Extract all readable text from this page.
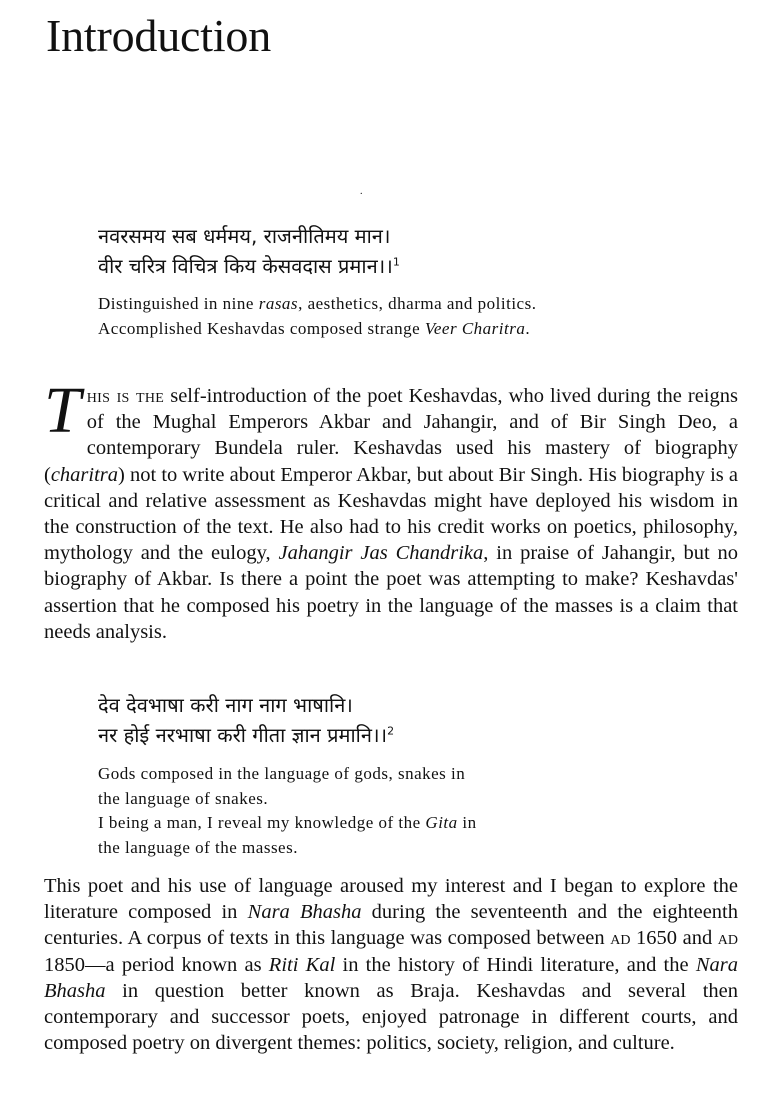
Introduction
.
नवरसमय सब धर्ममय, राजनीतिमय मान।
वीर चरित्र विचित्र किय केसवदास प्रमान।।$^1$
Distinguished in nine rasas, aesthetics, dharma and politics.
Accomplished Keshavdas composed strange Veer Charitra.
This is the self-introduction of the poet Keshavdas, who lived during the reigns of the Mughal Emperors Akbar and Jahangir, and of Bir Singh Deo, a contemporary Bundela ruler. Keshavdas used his mastery of biography (charitra) not to write about Emperor Akbar, but about Bir Singh. His biography is a critical and relative assessment as Keshavdas might have deployed his wisdom in the construction of the text. He also had to his credit works on poetics, philosophy, mythology and the eulogy, Jahangir Jas Chandrika, in praise of Jahangir, but no biography of Akbar. Is there a point the poet was attempting to make? Keshavdas' assertion that he composed his poetry in the language of the masses is a claim that needs analysis.
देव देवभाषा करी नाग नाग भाषानि।
नर होई नरभाषा करी गीता ज्ञान प्रमानि।।$^2$
Gods composed in the language of gods, snakes in
the language of snakes.
I being a man, I reveal my knowledge of the Gita in
the language of the masses.
This poet and his use of language aroused my interest and I began to explore the literature composed in Nara Bhasha during the seventeenth and the eighteenth centuries. A corpus of texts in this language was composed between ad 1650 and ad 1850—a period known as Riti Kal in the history of Hindi literature, and the Nara Bhasha in question better known as Braja. Keshavdas and several then contemporary and successor poets, enjoyed patronage in different courts, and composed poetry on divergent themes: politics, society, religion, and culture.
